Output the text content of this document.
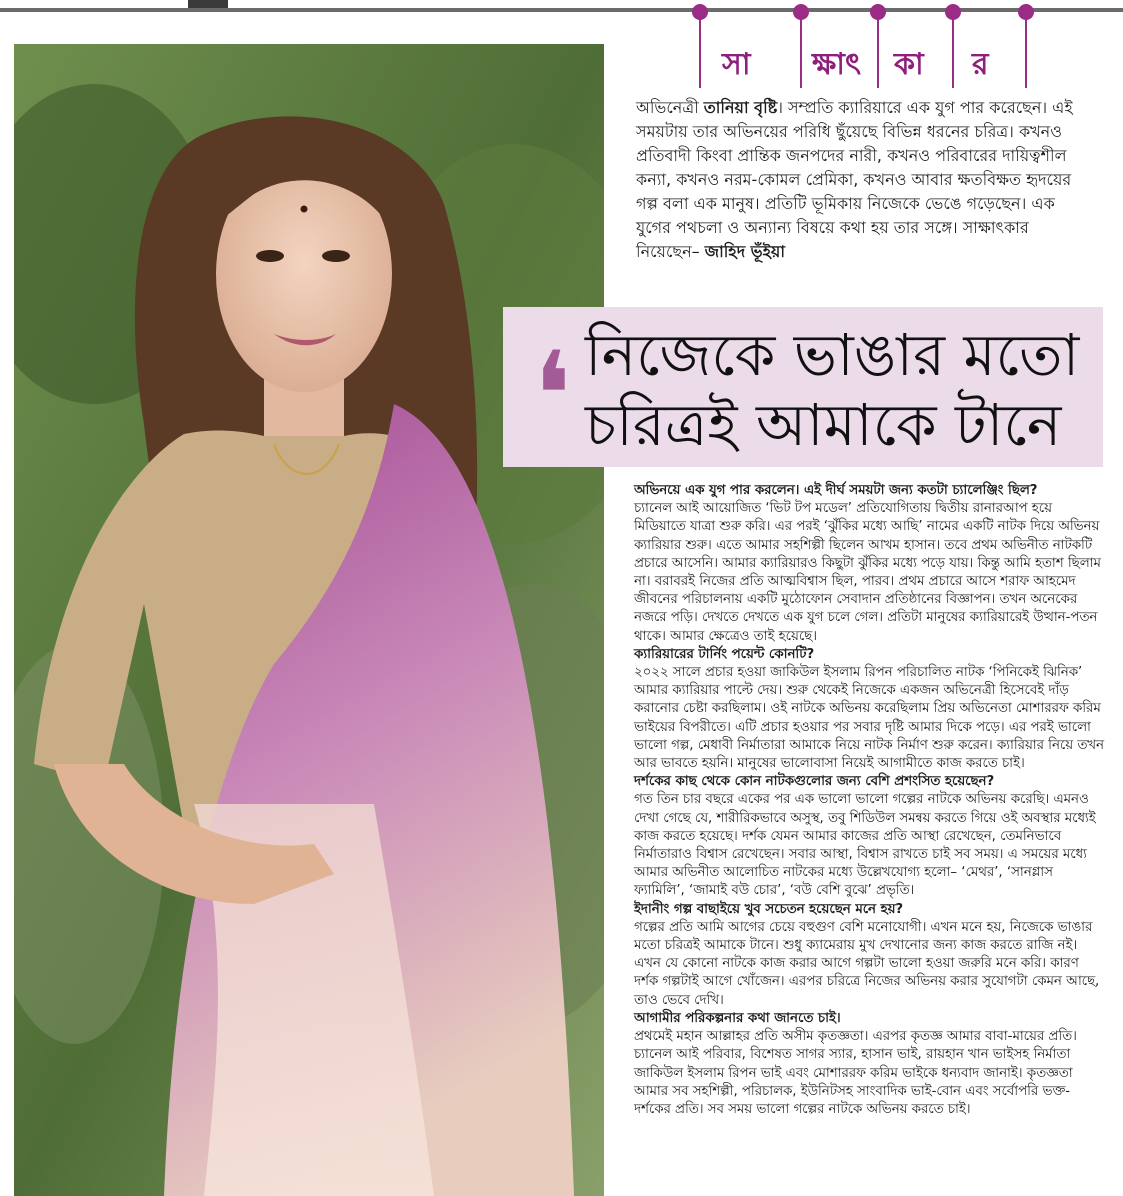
সা ক্ষাৎ কা র

অভিনেত্রী তানিয়া বৃষ্টি। সম্প্রতি ক্যারিয়ারে এক যুগ পার করেছেন। এই সময়টায় তার অভিনয়ের পরিধি ছুঁয়েছে বিভিন্ন ধরনের চরিত্র। কখনও প্রতিবাদী কিংবা প্রান্তিক জনপদের নারী, কখনও পরিবারের দায়িত্বশীল কন্যা, কখনও নরম-কোমল প্রেমিকা, কখনও আবার ক্ষতবিক্ষত হৃদয়ের গল্প বলা এক মানুষ। প্রতিটি ভূমিকায় নিজেকে ভেঙে গড়েছেন। এক যুগের পথচলা ও অন্যান্য বিষয়ে কথা হয় তার সঙ্গে। সাক্ষাৎকার নিয়েছেন– জাহিদ ভূঁইয়া

❛ নিজেকে ভাঙার মতো
চরিত্রই আমাকে টানে

অভিনয়ে এক যুগ পার করলেন। এই দীর্ঘ সময়টা জন্য কতটা চ্যালেঞ্জিং ছিল?

চ্যানেল আই আয়োজিত ‘ভিট টপ মডেল’ প্রতিযোগিতায় দ্বিতীয় রানারআপ হয়ে মিডিয়াতে যাত্রা শুরু করি। এর পরই ‘ঝুঁকির মধ্যে আছি’ নামের একটি নাটক দিয়ে অভিনয় ক্যারিয়ার শুরু। এতে আমার সহশিল্পী ছিলেন আখম হাসান। তবে প্রথম অভিনীত নাটকটি প্রচারে আসেনি। আমার ক্যারিয়ারও কিছুটা ঝুঁকির মধ্যে পড়ে যায়। কিন্তু আমি হতাশ ছিলাম না। বরাবরই নিজের প্রতি আত্মবিশ্বাস ছিল, পারব। প্রথম প্রচারে আসে শরাফ আহমেদ জীবনের পরিচালনায় একটি মুঠোফোন সেবাদান প্রতিষ্ঠানের বিজ্ঞাপন। তখন অনেকের নজরে পড়ি। দেখতে দেখতে এক যুগ চলে গেল। প্রতিটা মানুষের ক্যারিয়ারেই উত্থান-পতন থাকে। আমার ক্ষেত্রেও তাই হয়েছে।

ক্যারিয়ারের টার্নিং পয়েন্ট কোনটি?

২০২২ সালে প্রচার হওয়া জাকিউল ইসলাম রিপন পরিচালিত নাটক ‘পিনিকেই ঝিনিক’ আমার ক্যারিয়ার পাল্টে দেয়। শুরু থেকেই নিজেকে একজন অভিনেত্রী হিসেবেই দাঁড় করানোর চেষ্টা করছিলাম। ওই নাটকে অভিনয় করেছিলাম প্রিয় অভিনেতা মোশাররফ করিম ভাইয়ের বিপরীতে। এটি প্রচার হওয়ার পর সবার দৃষ্টি আমার দিকে পড়ে। এর পরই ভালো ভালো গল্প, মেধাবী নির্মাতারা আমাকে নিয়ে নাটক নির্মাণ শুরু করেন। ক্যারিয়ার নিয়ে তখন আর ভাবতে হয়নি। মানুষের ভালোবাসা নিয়েই আগামীতে কাজ করতে চাই।

দর্শকের কাছ থেকে কোন নাটকগুলোর জন্য বেশি প্রশংসিত হয়েছেন?

গত তিন চার বছরে একের পর এক ভালো ভালো গল্পের নাটকে অভিনয় করেছি। এমনও দেখা গেছে যে, শারীরিকভাবে অসুস্থ, তবু শিডিউল সমন্বয় করতে গিয়ে ওই অবস্থার মধ্যেই কাজ করতে হয়েছে। দর্শক যেমন আমার কাজের প্রতি আস্থা রেখেছেন, তেমনিভাবে নির্মাতারাও বিশ্বাস রেখেছেন। সবার আস্থা, বিশ্বাস রাখতে চাই সব সময়। এ সময়ের মধ্যে আমার অভিনীত আলোচিত নাটকের মধ্যে উল্লেখযোগ্য হলো– ‘মেথর’, ‘সানগ্লাস ফ্যামিলি’, ‘জামাই বউ চোর’, ‘বউ বেশি বুঝে’ প্রভৃতি।

ইদানীং গল্প বাছাইয়ে খুব সচেতন হয়েছেন মনে হয়?

গল্পের প্রতি আমি আগের চেয়ে বহুগুণ বেশি মনোযোগী। এখন মনে হয়, নিজেকে ভাঙার মতো চরিত্রই আমাকে টানে। শুধু ক্যামেরায় মুখ দেখানোর জন্য কাজ করতে রাজি নই। এখন যে কোনো নাটকে কাজ করার আগে গল্পটা ভালো হওয়া জরুরি মনে করি। কারণ দর্শক গল্পটাই আগে খোঁজেন। এরপর চরিত্রে নিজের অভিনয় করার সুযোগটা কেমন আছে, তাও ভেবে দেখি।

আগামীর পরিকল্পনার কথা জানতে চাই।

প্রথমেই মহান আল্লাহর প্রতি অসীম কৃতজ্ঞতা। এরপর কৃতজ্ঞ আমার বাবা-মায়ের প্রতি। চ্যানেল আই পরিবার, বিশেষত সাগর স্যার, হাসান ভাই, রায়হান খান ভাইসহ নির্মাতা জাকিউল ইসলাম রিপন ভাই এবং মোশাররফ করিম ভাইকে ধন্যবাদ জানাই। কৃতজ্ঞতা আমার সব সহশিল্পী, পরিচালক, ইউনিটসহ সাংবাদিক ভাই-বোন এবং সর্বোপরি ভক্ত-দর্শকের প্রতি। সব সময় ভালো গল্পের নাটকে অভিনয় করতে চাই।
